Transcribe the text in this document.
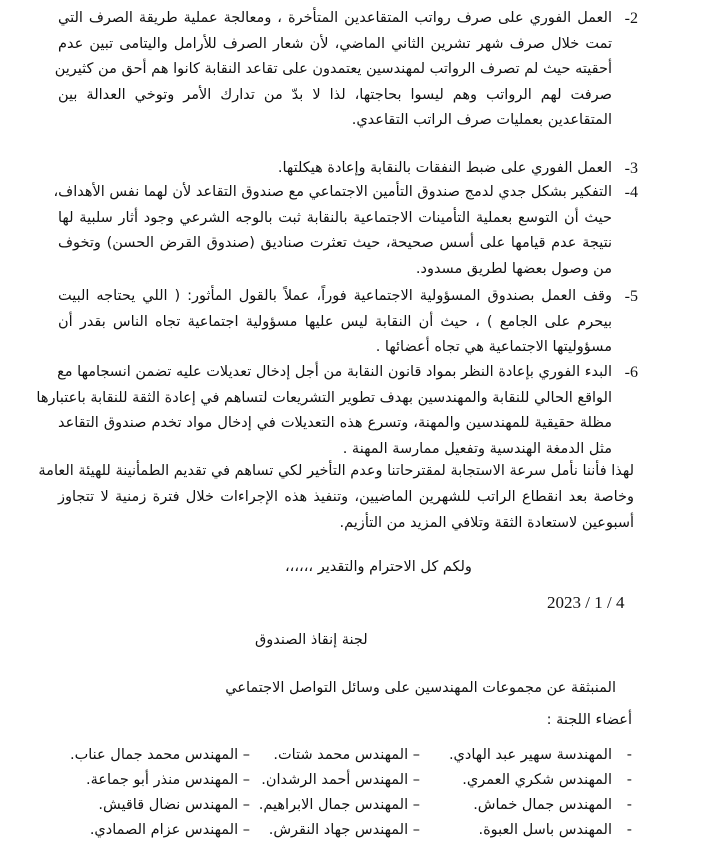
-2
العمل الفوري على صرف رواتب المتقاعدين المتأخرة ، ومعالجة عملية طريقة الصرف التي
تمت خلال صرف شهر تشرين الثاني الماضي، لأن شعار الصرف للأرامل واليتامى تبين عدم
أحقيته حيث لم تصرف الرواتب لمهندسين يعتمدون على تقاعد النقابة كانوا هم أحق من كثيرين
صرفت لهم الرواتب وهم ليسوا بحاجتها، لذا لا بدّ من تدارك الأمر وتوخي العدالة بين
المتقاعدين بعمليات صرف الراتب التقاعدي.
-3
العمل الفوري على ضبط النفقات بالنقابة وإعادة هيكلتها.
-4
التفكير بشكل جدي لدمج صندوق التأمين الاجتماعي مع صندوق التقاعد لأن لهما نفس الأهداف،
حيث أن التوسع بعملية التأمينات الاجتماعية بالنقابة ثبت بالوجه الشرعي وجود أثار سلبية لها
نتيجة عدم قيامها على أسس صحيحة، حيث تعثرت صناديق (صندوق القرض الحسن) وتخوف
من وصول بعضها لطريق مسدود.
-5
وقف العمل بصندوق المسؤولية الاجتماعية فوراً، عملاً بالقول المأثور: ( اللي يحتاجه البيت
بيحرم على الجامع ) ، حيث أن النقابة ليس عليها مسؤولية اجتماعية تجاه الناس بقدر أن
مسؤوليتها الاجتماعية هي تجاه أعضائها .
-6
البدء الفوري بإعادة النظر بمواد قانون النقابة من أجل إدخال تعديلات عليه تضمن انسجامها مع
الواقع الحالي للنقابة والمهندسين بهدف تطوير التشريعات لتساهم في إعادة الثقة للنقابة باعتبارها
مظلة حقيقية للمهندسين والمهنة، وتسرع هذه التعديلات في إدخال مواد تخدم صندوق التقاعد
مثل الدمغة الهندسية وتفعيل ممارسة المهنة .
لهذا فأننا نأمل سرعة الاستجابة لمقترحاتنا وعدم التأخير لكي تساهم في تقديم الطمأنينة للهيئة العامة
وخاصة بعد انقطاع الراتب للشهرين الماضيين، وتنفيذ هذه الإجراءات خلال فترة زمنية لا تتجاوز
أسبوعين لاستعادة الثقة وتلافي المزيد من التأزيم.
ولكم كل الاحترام والتقدير ،،،،،،
2023 / 1 / 4
لجنة إنقاذ الصندوق
المنبثقة عن مجموعات المهندسين على وسائل التواصل الاجتماعي
أعضاء اللجنة :
-
المهندسة سهير عبد الهادي.
– المهندس محمد شتات.
– المهندس محمد جمال عناب.
-
المهندس شكري العمري.
– المهندس أحمد الرشدان.
– المهندس منذر أبو جماعة.
-
المهندس جمال خماش.
– المهندس جمال الابراهيم.
– المهندس نضال قاقيش.
-
المهندس باسل العبوة.
– المهندس جهاد النقرش.
– المهندس عزام الصمادي.
